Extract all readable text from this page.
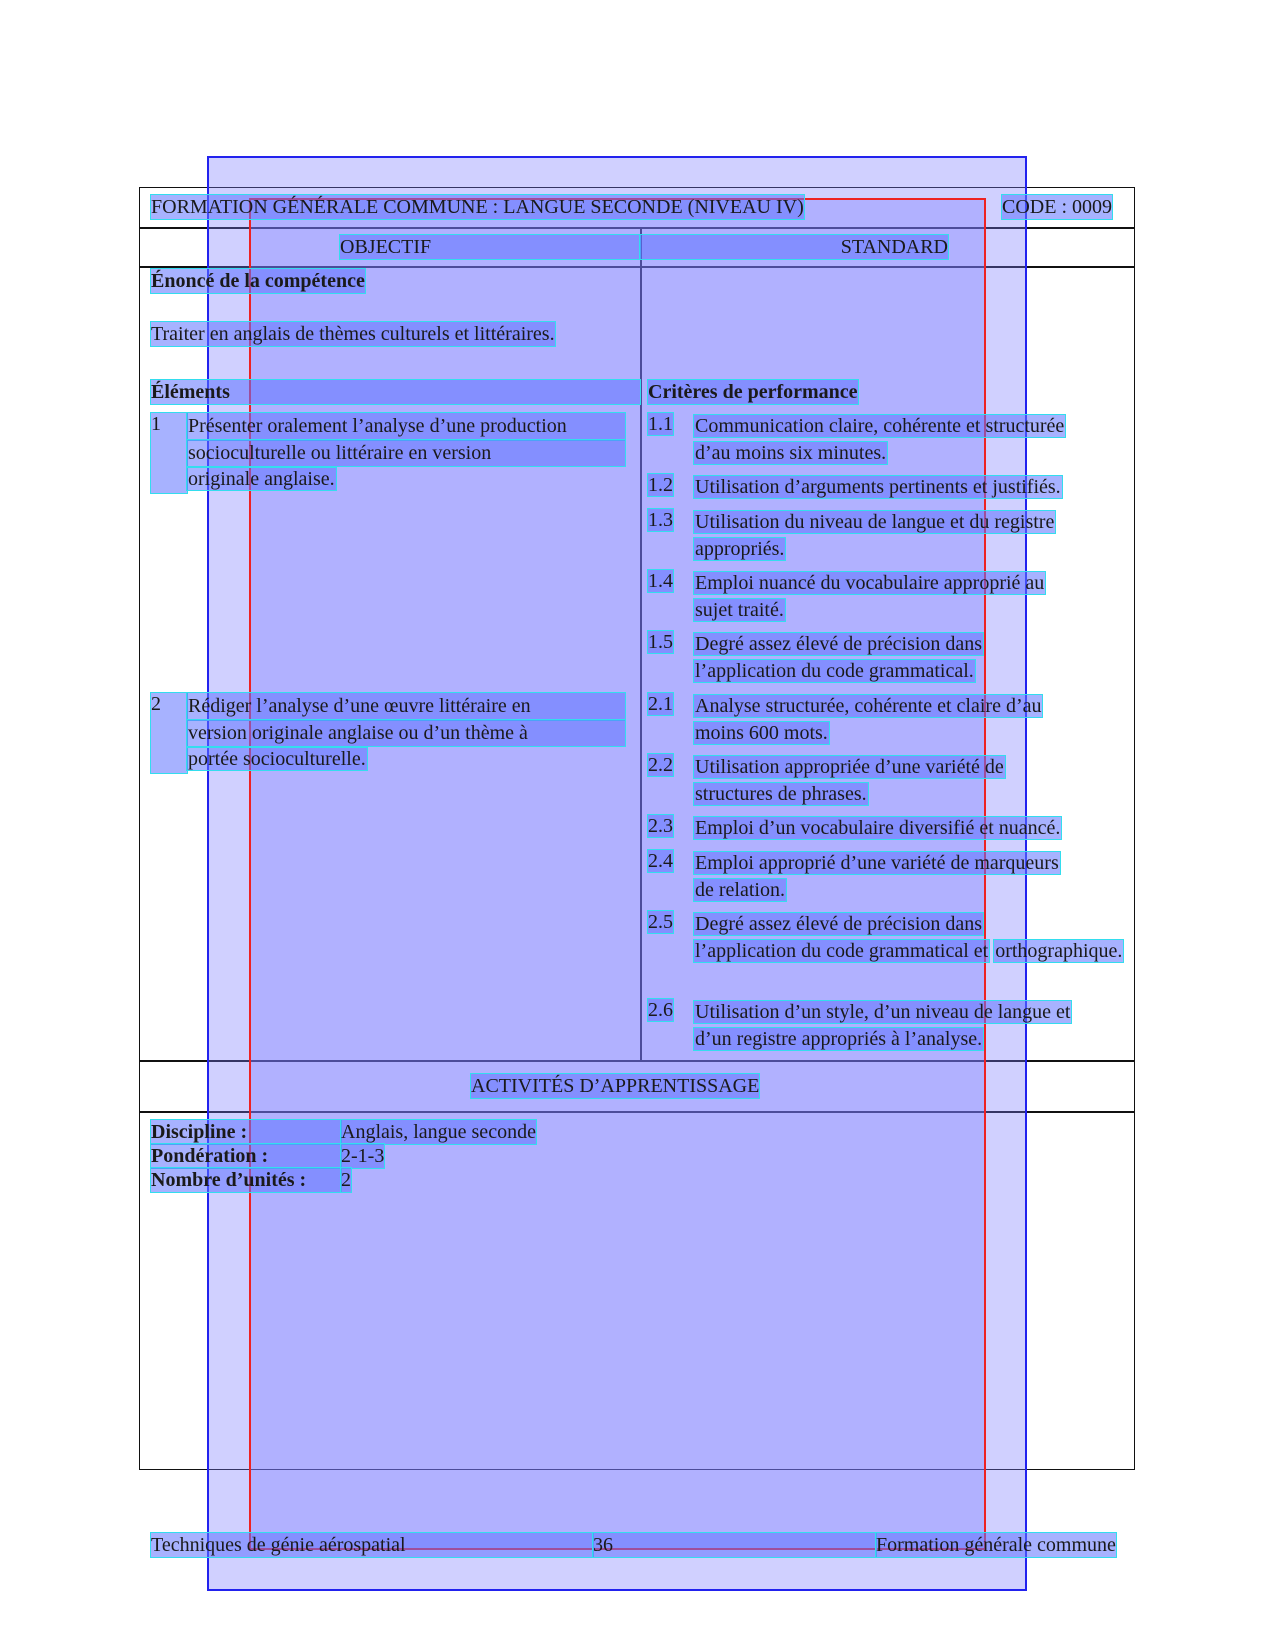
FORMATION GÉNÉRALE COMMUNE : LANGUE SECONDE (NIVEAU IV)	CODE : 0009
OBJECTIF	STANDARD
Énoncé de la compétence
Traiter en anglais de thèmes culturels et littéraires.
Éléments	Critères de performance
1	Présenter oralement l’analyse d’une production socioculturelle ou littéraire en version originale anglaise.
2	Rédiger l’analyse d’une œuvre littéraire en version originale anglaise ou d’un thème à portée socioculturelle.
1.1	Communication claire, cohérente et structurée d’au moins six minutes.
1.2	Utilisation d’arguments pertinents et justifiés.
1.3	Utilisation du niveau de langue et du registre appropriés.
1.4	Emploi nuancé du vocabulaire approprié au sujet traité.
1.5	Degré assez élevé de précision dans l’application du code grammatical.
2.1	Analyse structurée, cohérente et claire d’au moins 600 mots.
2.2	Utilisation appropriée d’une variété de structures de phrases.
2.3	Emploi d’un vocabulaire diversifié et nuancé.
2.4	Emploi approprié d’une variété de marqueurs de relation.
2.5	Degré assez élevé de précision dans l’application du code grammatical et orthographique.
2.6	Utilisation d’un style, d’un niveau de langue et d’un registre appropriés à l’analyse.
ACTIVITÉS D’APPRENTISSAGE
Discipline :	Anglais, langue seconde
Pondération :	2-1-3
Nombre d’unités :	2
Techniques de génie aérospatial	36	Formation générale commune
